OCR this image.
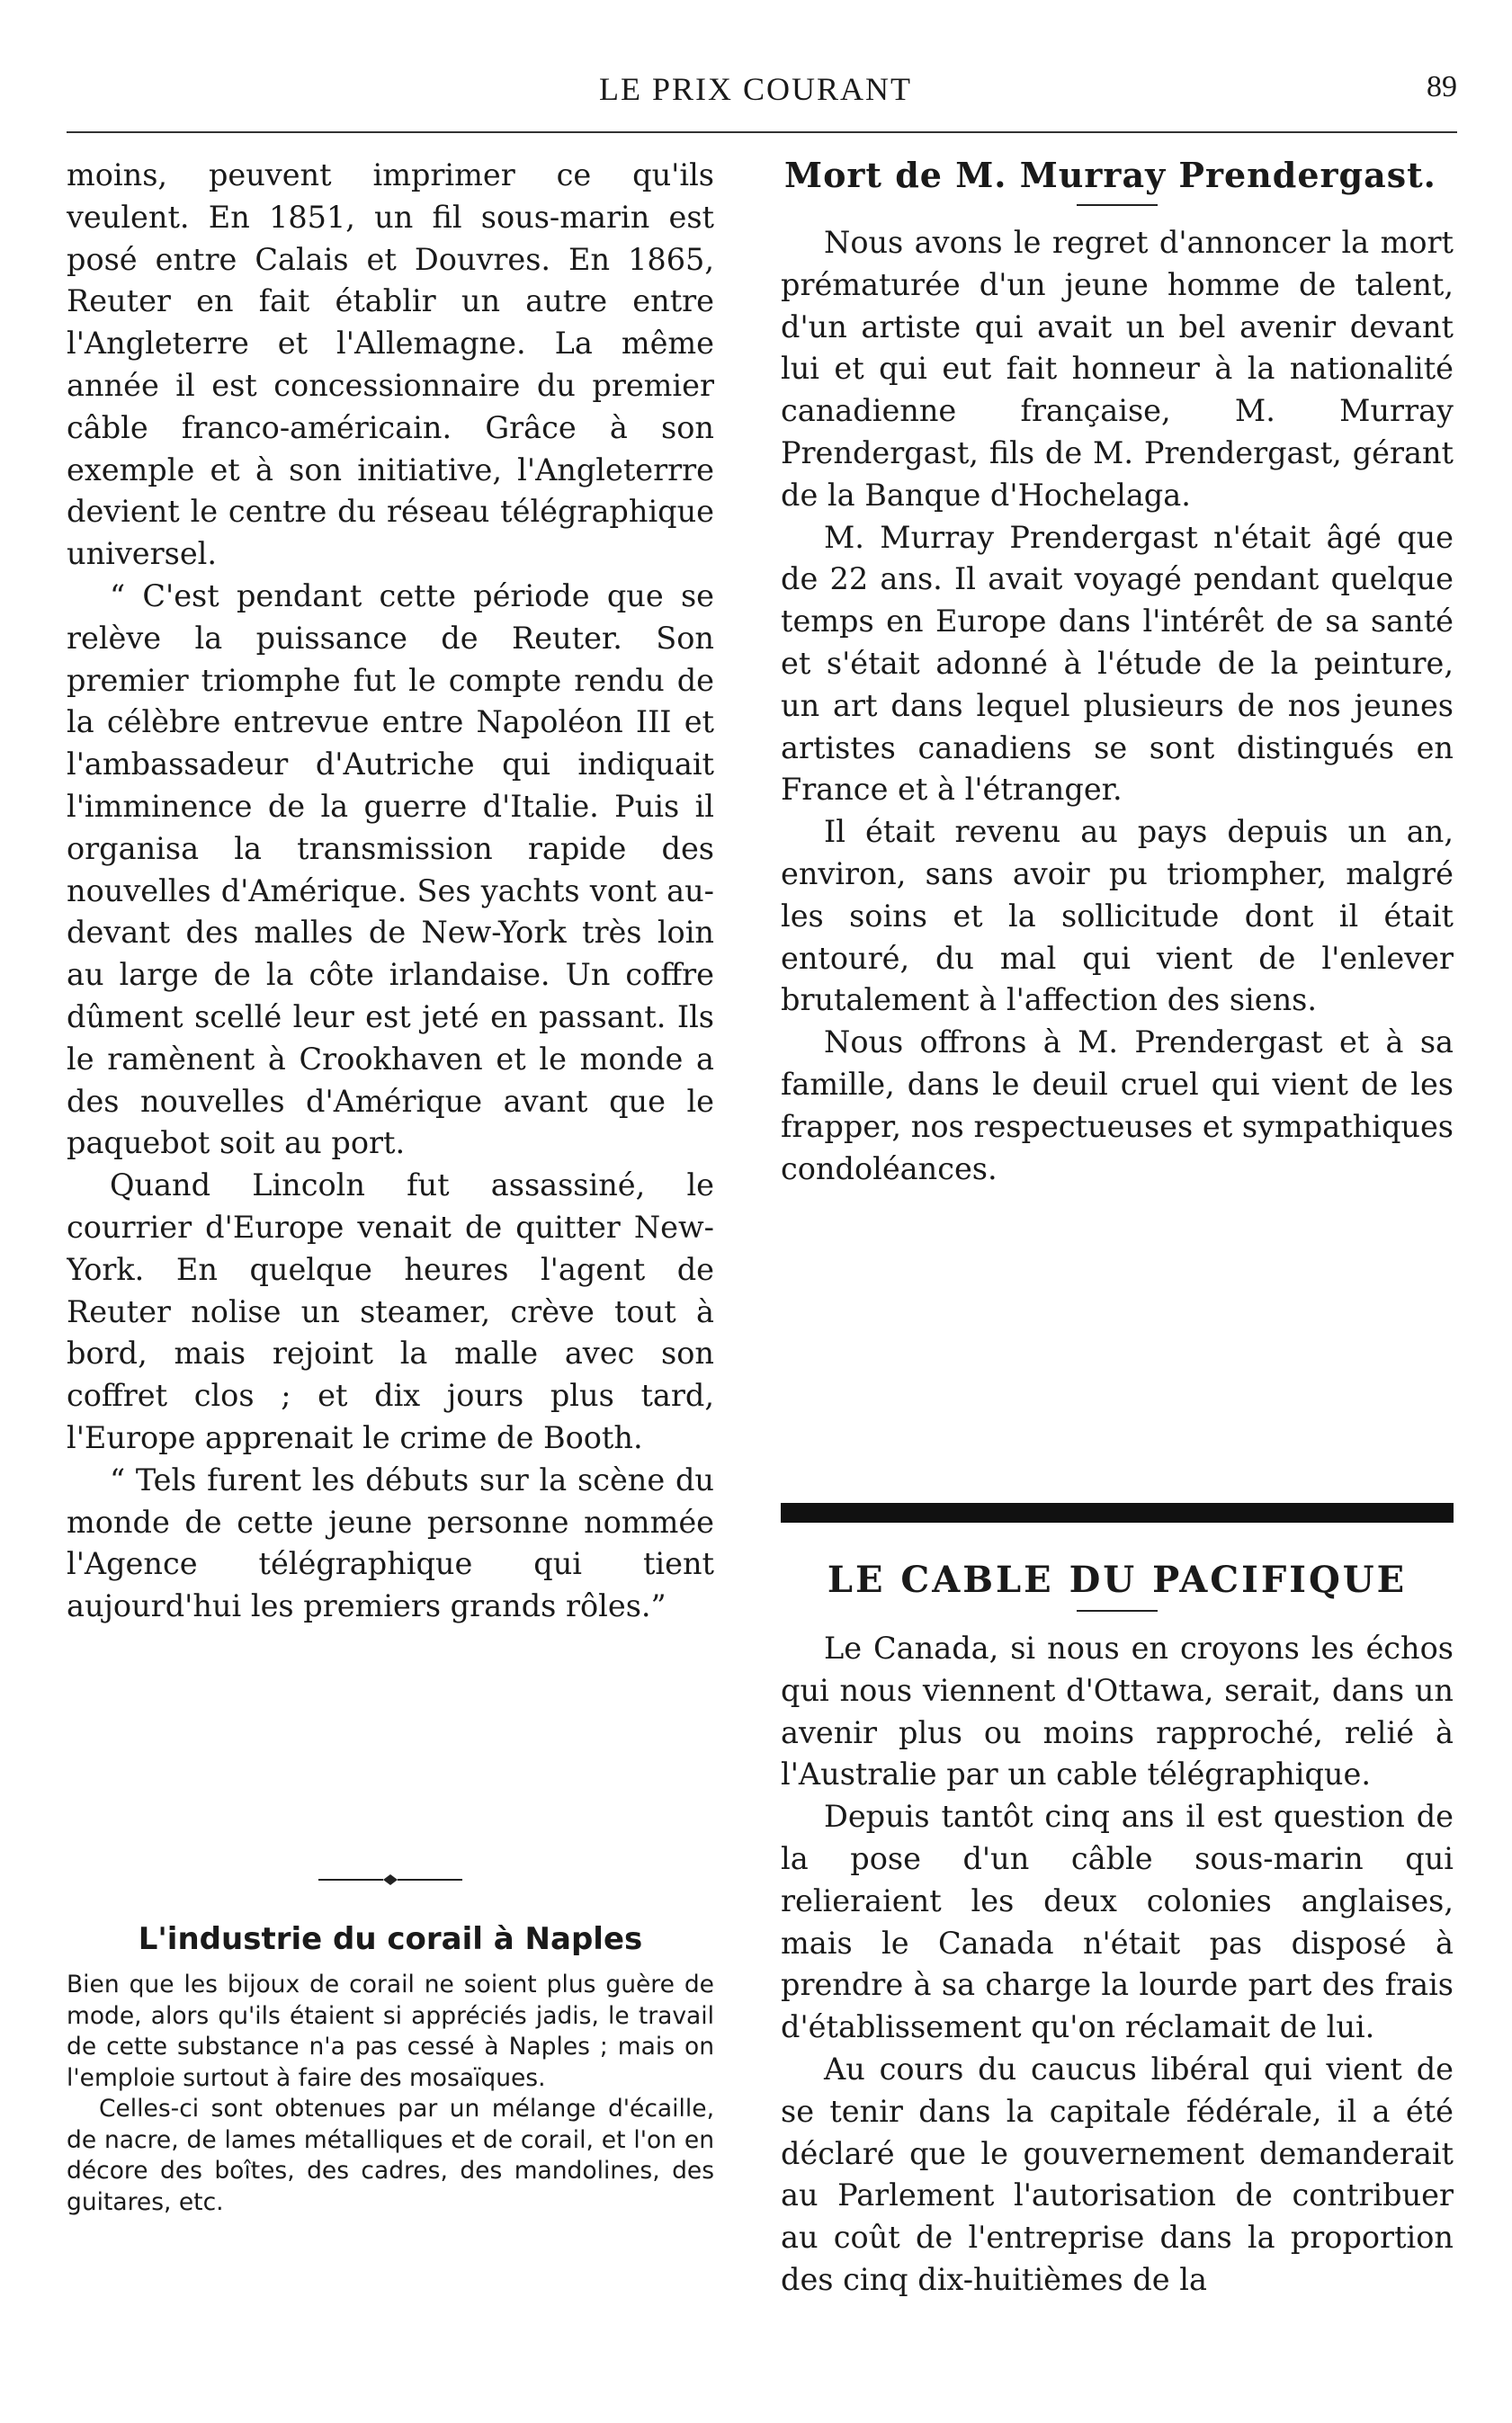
LE PRIX COURANT	89

moins, peuvent imprimer ce qu'ils veulent. En 1851, un fil sous-marin est posé entre Calais et Douvres. En 1865, Reuter en fait établir un autre entre l'Angleterre et l'Allemagne. La même année il est concessionnaire du premier câble franco-américain. Grâce à son exemple et à son initiative, l'Angleterrre devient le centre du réseau télégraphique universel.

“ C'est pendant cette période que se relève la puissance de Reuter. Son premier triomphe fut le compte rendu de la célèbre entrevue entre Napoléon III et l'ambassadeur d'Autriche qui indiquait l'imminence de la guerre d'Italie. Puis il organisa la transmission rapide des nouvelles d'Amérique. Ses yachts vont au-devant des malles de New-York très loin au large de la côte irlandaise. Un coffre dûment scellé leur est jeté en passant. Ils le ramènent à Crookhaven et le monde a des nouvelles d'Amérique avant que le paquebot soit au port.

Quand Lincoln fut assassiné, le courrier d'Europe venait de quitter New-York. En quelque heures l'agent de Reuter nolise un steamer, crève tout à bord, mais rejoint la malle avec son coffret clos ; et dix jours plus tard, l'Europe apprenait le crime de Booth.

“ Tels furent les débuts sur la scène du monde de cette jeune personne nommée l'Agence télégraphique qui tient aujourd'hui les premiers grands rôles.”

L'industrie du corail à Naples

Bien que les bijoux de corail ne soient plus guère de mode, alors qu'ils étaient si appréciés jadis, le travail de cette substance n'a pas cessé à Naples ; mais on l'emploie surtout à faire des mosaïques.

Celles-ci sont obtenues par un mélange d'écaille, de nacre, de lames métalliques et de corail, et l'on en décore des boîtes, des cadres, des mandolines, des guitares, etc.

Mort de M. Murray Prendergast.

Nous avons le regret d'annoncer la mort prématurée d'un jeune homme de talent, d'un artiste qui avait un bel avenir devant lui et qui eut fait honneur à la nationalité canadienne française, M. Murray Prendergast, fils de M. Prendergast, gérant de la Banque d'Hochelaga.

M. Murray Prendergast n'était âgé que de 22 ans. Il avait voyagé pendant quelque temps en Europe dans l'intérêt de sa santé et s'était adonné à l'étude de la peinture, un art dans lequel plusieurs de nos jeunes artistes canadiens se sont distingués en France et à l'étranger.

Il était revenu au pays depuis un an, environ, sans avoir pu triompher, malgré les soins et la sollicitude dont il était entouré, du mal qui vient de l'enlever brutalement à l'affection des siens.

Nous offrons à M. Prendergast et à sa famille, dans le deuil cruel qui vient de les frapper, nos respectueuses et sympathiques condoléances.

LE CABLE DU PACIFIQUE

Le Canada, si nous en croyons les échos qui nous viennent d'Ottawa, serait, dans un avenir plus ou moins rapproché, relié à l'Australie par un cable télégraphique.

Depuis tantôt cinq ans il est question de la pose d'un câble sous-marin qui relieraient les deux colonies anglaises, mais le Canada n'était pas disposé à prendre à sa charge la lourde part des frais d'établissement qu'on réclamait de lui.

Au cours du caucus libéral qui vient de se tenir dans la capitale fédérale, il a été déclaré que le gouvernement demanderait au Parlement l'autorisation de contribuer au coût de l'entreprise dans la proportion des cinq dix-huitièmes de la
